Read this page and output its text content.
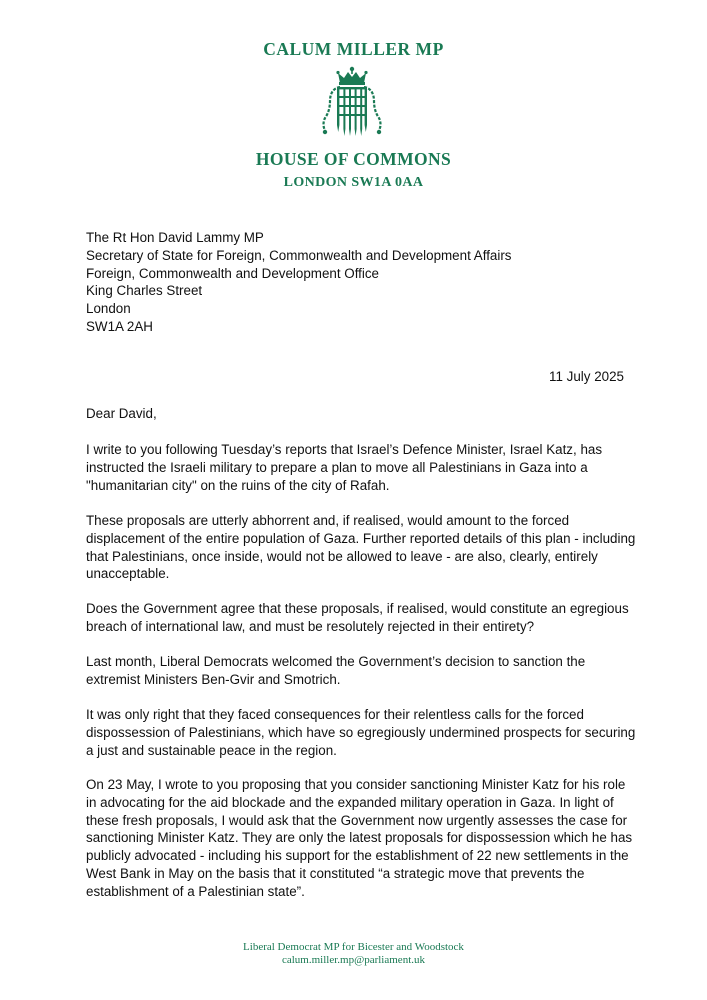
CALUM MILLER MP
HOUSE OF COMMONS
LONDON SW1A 0AA
The Rt Hon David Lammy MP
Secretary of State for Foreign, Commonwealth and Development Affairs
Foreign, Commonwealth and Development Office
King Charles Street
London
SW1A 2AH
11 July 2025

Dear David,

I write to you following Tuesday’s reports that Israel’s Defence Minister, Israel Katz, has instructed the Israeli military to prepare a plan to move all Palestinians in Gaza into a "humanitarian city" on the ruins of the city of Rafah.

These proposals are utterly abhorrent and, if realised, would amount to the forced displacement of the entire population of Gaza. Further reported details of this plan - including that Palestinians, once inside, would not be allowed to leave - are also, clearly, entirely unacceptable.

Does the Government agree that these proposals, if realised, would constitute an egregious breach of international law, and must be resolutely rejected in their entirety?

Last month, Liberal Democrats welcomed the Government’s decision to sanction the extremist Ministers Ben-Gvir and Smotrich.

It was only right that they faced consequences for their relentless calls for the forced dispossession of Palestinians, which have so egregiously undermined prospects for securing a just and sustainable peace in the region.

On 23 May, I wrote to you proposing that you consider sanctioning Minister Katz for his role in advocating for the aid blockade and the expanded military operation in Gaza. In light of these fresh proposals, I would ask that the Government now urgently assesses the case for sanctioning Minister Katz. They are only the latest proposals for dispossession which he has publicly advocated - including his support for the establishment of 22 new settlements in the West Bank in May on the basis that it constituted “a strategic move that prevents the establishment of a Palestinian state”.

Liberal Democrat MP for Bicester and Woodstock
calum.miller.mp@parliament.uk
